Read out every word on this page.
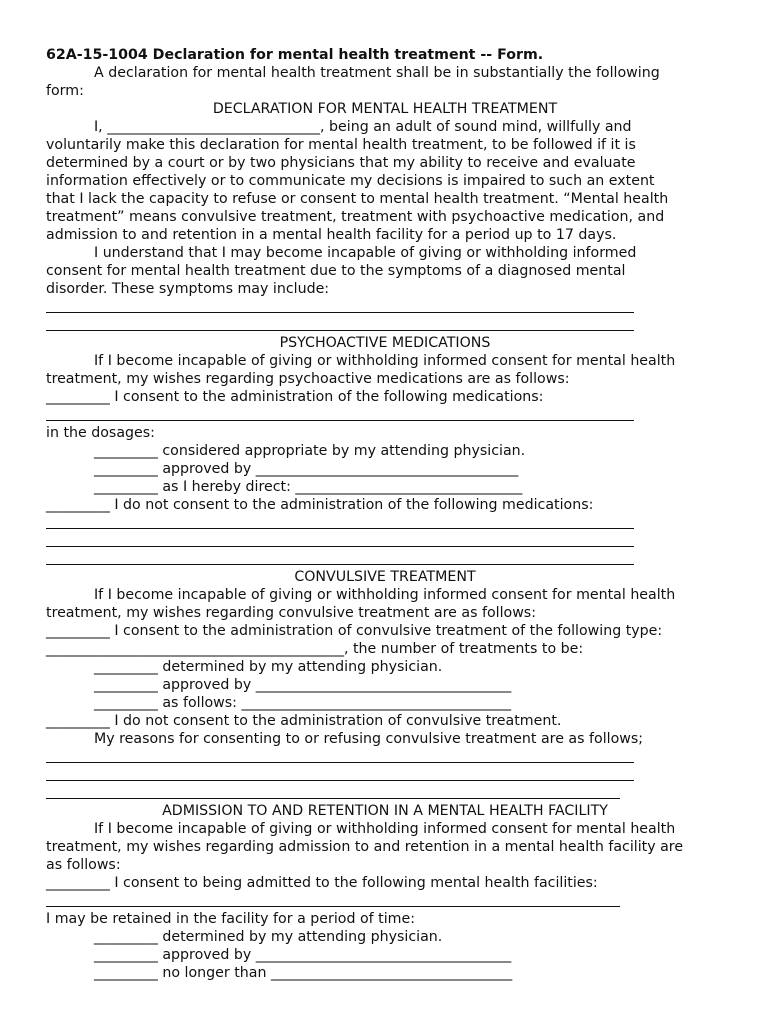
62A-15-1004 Declaration for mental health treatment -- Form.
A declaration for mental health treatment shall be in substantially the following
form:
DECLARATION FOR MENTAL HEALTH TREATMENT
I, ______________________________, being an adult of sound mind, willfully and
voluntarily make this declaration for mental health treatment, to be followed if it is
determined by a court or by two physicians that my ability to receive and evaluate
information effectively or to communicate my decisions is impaired to such an extent
that I lack the capacity to refuse or consent to mental health treatment. “Mental health
treatment” means convulsive treatment, treatment with psychoactive medication, and
admission to and retention in a mental health facility for a period up to 17 days.
I understand that I may become incapable of giving or withholding informed
consent for mental health treatment due to the symptoms of a diagnosed mental
disorder. These symptoms may include:
PSYCHOACTIVE MEDICATIONS
If I become incapable of giving or withholding informed consent for mental health
treatment, my wishes regarding psychoactive medications are as follows:
_________ I consent to the administration of the following medications:
in the dosages:
_________ considered appropriate by my attending physician.
_________ approved by _____________________________________
_________ as I hereby direct: ________________________________
_________ I do not consent to the administration of the following medications:
CONVULSIVE TREATMENT
If I become incapable of giving or withholding informed consent for mental health
treatment, my wishes regarding convulsive treatment are as follows:
_________ I consent to the administration of convulsive treatment of the following type:
__________________________________________, the number of treatments to be:
_________ determined by my attending physician.
_________ approved by ____________________________________
_________ as follows: ______________________________________
_________ I do not consent to the administration of convulsive treatment.
My reasons for consenting to or refusing convulsive treatment are as follows;
ADMISSION TO AND RETENTION IN A MENTAL HEALTH FACILITY
If I become incapable of giving or withholding informed consent for mental health
treatment, my wishes regarding admission to and retention in a mental health facility are
as follows:
_________ I consent to being admitted to the following mental health facilities:
I may be retained in the facility for a period of time:
_________ determined by my attending physician.
_________ approved by ____________________________________
_________ no longer than __________________________________
